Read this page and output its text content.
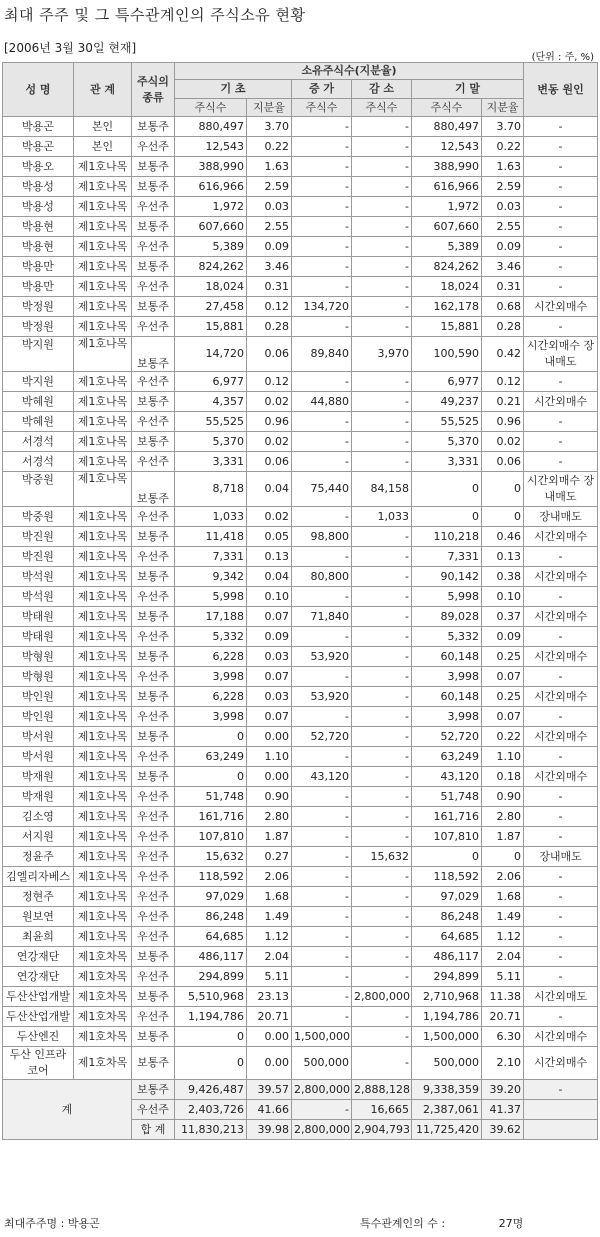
최대 주주 및 그 특수관계인의 주식소유 현황
[2006년 3월 30일 현재]
(단위 : 주, %)
성 명	관 계	주식의 종류	소유주식수(지분율)						변동 원인
			기 초		증 가	감 소	기 말		
			주식수	지분율	주식수	주식수	주식수	지분율	
박용곤	본인	보통주	880,497	3.70	-	-	880,497	3.70	-
박용곤	본인	우선주	12,543	0.22	-	-	12,543	0.22	-
박용오	제1호나목	보통주	388,990	1.63	-	-	388,990	1.63	-
박용성	제1호나목	보통주	616,966	2.59	-	-	616,966	2.59	-
박용성	제1호나목	우선주	1,972	0.03	-	-	1,972	0.03	-
박용현	제1호나목	보통주	607,660	2.55	-	-	607,660	2.55	-
박용현	제1호나목	우선주	5,389	0.09	-	-	5,389	0.09	-
박용만	제1호나목	보통주	824,262	3.46	-	-	824,262	3.46	-
박용만	제1호나목	우선주	18,024	0.31	-	-	18,024	0.31	-
박정원	제1호나목	보통주	27,458	0.12	134,720	-	162,178	0.68	시간외매수
박정원	제1호나목	우선주	15,881	0.28	-	-	15,881	0.28	-
박지원	제1호나목	보통주	14,720	0.06	89,840	3,970	100,590	0.42	시간외매수 장내매도
박지원	제1호나목	우선주	6,977	0.12	-	-	6,977	0.12	-
박혜원	제1호나목	보통주	4,357	0.02	44,880	-	49,237	0.21	시간외매수
박혜원	제1호나목	우선주	55,525	0.96	-	-	55,525	0.96	-
서경석	제1호나목	보통주	5,370	0.02	-	-	5,370	0.02	-
서경석	제1호나목	우선주	3,331	0.06	-	-	3,331	0.06	-
박중원	제1호나목	보통주	8,718	0.04	75,440	84,158	0	0	시간외매수 장내매도
박중원	제1호나목	우선주	1,033	0.02	-	1,033	0	0	장내매도
박진원	제1호나목	보통주	11,418	0.05	98,800	-	110,218	0.46	시간외매수
박진원	제1호나목	우선주	7,331	0.13	-	-	7,331	0.13	-
박석원	제1호나목	보통주	9,342	0.04	80,800	-	90,142	0.38	시간외매수
박석원	제1호나목	우선주	5,998	0.10	-	-	5,998	0.10	-
박태원	제1호나목	보통주	17,188	0.07	71,840	-	89,028	0.37	시간외매수
박태원	제1호나목	우선주	5,332	0.09	-	-	5,332	0.09	-
박형원	제1호나목	보통주	6,228	0.03	53,920	-	60,148	0.25	시간외매수
박형원	제1호나목	우선주	3,998	0.07	-	-	3,998	0.07	-
박인원	제1호나목	보통주	6,228	0.03	53,920	-	60,148	0.25	시간외매수
박인원	제1호나목	우선주	3,998	0.07	-	-	3,998	0.07	-
박서원	제1호나목	보통주	0	0.00	52,720	-	52,720	0.22	시간외매수
박서원	제1호나목	우선주	63,249	1.10	-	-	63,249	1.10	-
박재원	제1호나목	보통주	0	0.00	43,120	-	43,120	0.18	시간외매수
박재원	제1호나목	우선주	51,748	0.90	-	-	51,748	0.90	-
김소영	제1호나목	우선주	161,716	2.80	-	-	161,716	2.80	-
서지원	제1호나목	우선주	107,810	1.87	-	-	107,810	1.87	-
정윤주	제1호나목	우선주	15,632	0.27	-	15,632	0	0	장내매도
김엘리자베스	제1호나목	우선주	118,592	2.06	-	-	118,592	2.06	-
정현주	제1호나목	우선주	97,029	1.68	-	-	97,029	1.68	-
원보연	제1호나목	우선주	86,248	1.49	-	-	86,248	1.49	-
최윤희	제1호나목	우선주	64,685	1.12	-	-	64,685	1.12	-
연강재단	제1호차목	보통주	486,117	2.04	-	-	486,117	2.04	-
연강재단	제1호차목	우선주	294,899	5.11	-	-	294,899	5.11	-
두산산업개발	제1호차목	보통주	5,510,968	23.13	-	2,800,000	2,710,968	11.38	시간외매도
두산산업개발	제1호차목	우선주	1,194,786	20.71	-	-	1,194,786	20.71	-
두산엔진	제1호차목	보통주	0	0.00	1,500,000	-	1,500,000	6.30	시간외매수
두산 인프라코어	제1호차목	보통주	0	0.00	500,000	-	500,000	2.10	시간외매수
계		보통주	9,426,487	39.57	2,800,000	2,888,128	9,338,359	39.20	-
		우선주	2,403,726	41.66	-	16,665	2,387,061	41.37	
		합 계	11,830,213	39.98	2,800,000	2,904,793	11,725,420	39.62	
최대주주명 : 박용곤	특수관계인의 수 :	27명
